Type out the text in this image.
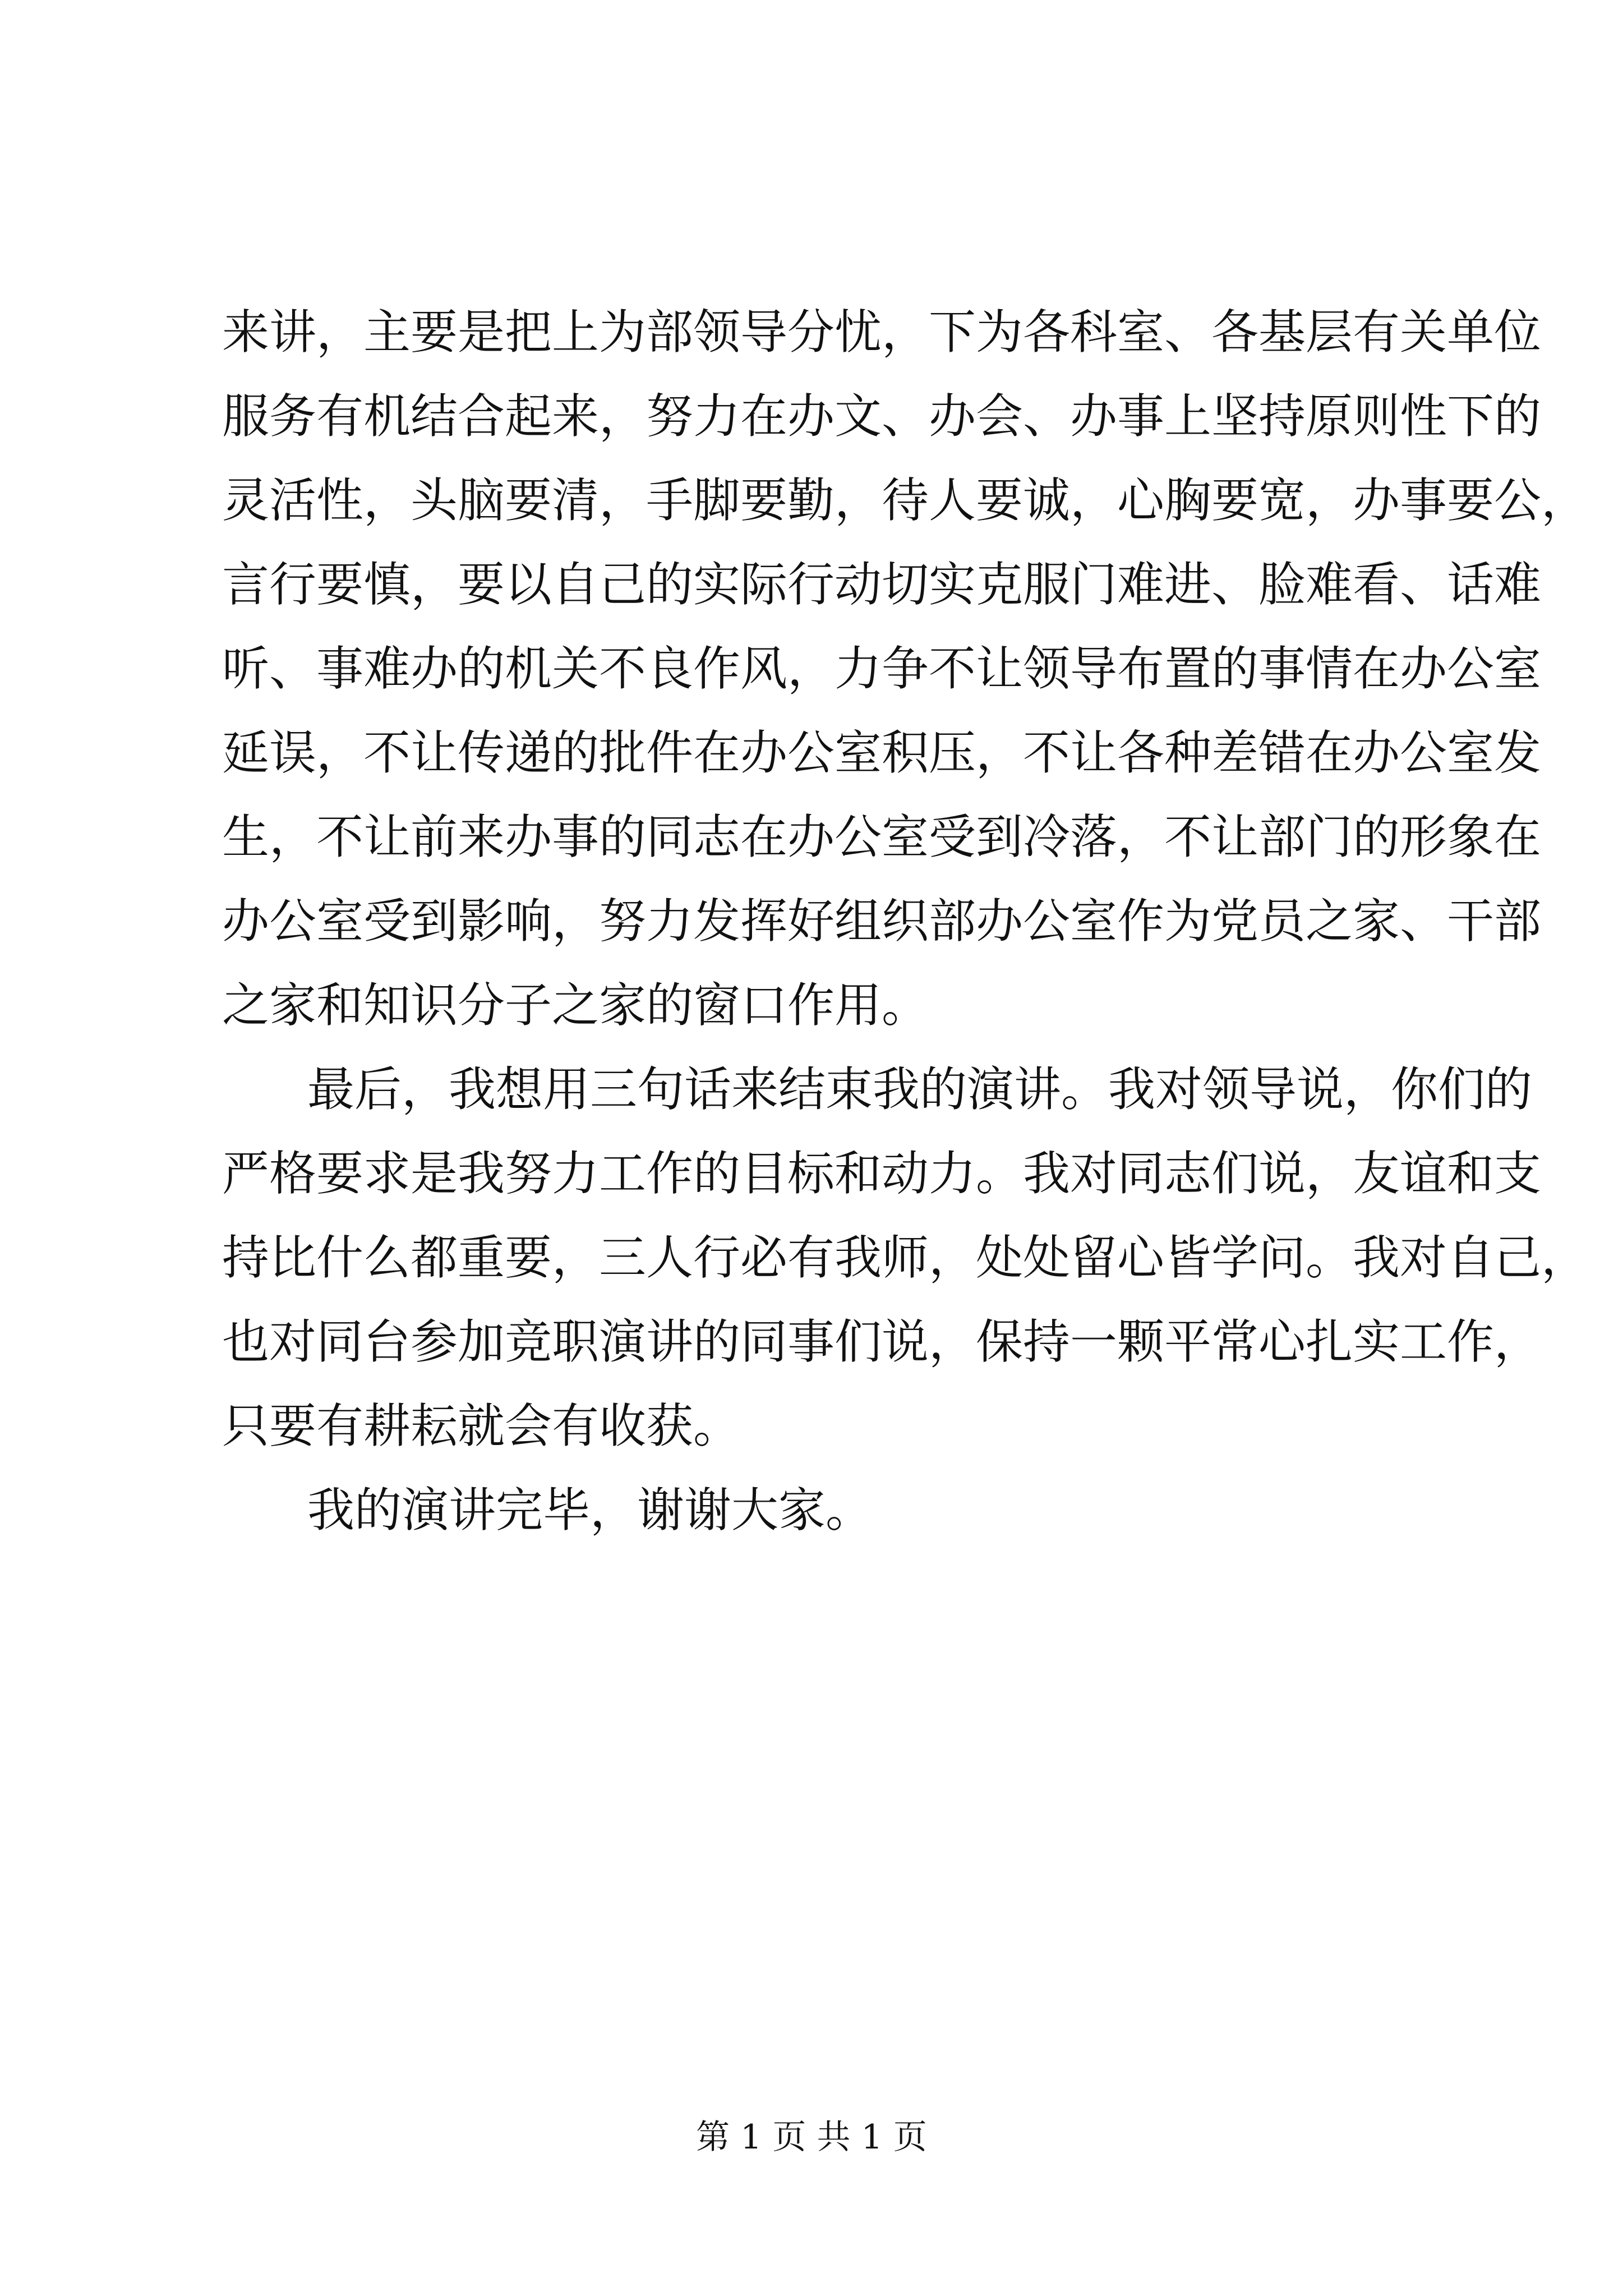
来讲，主要是把上为部领导分忧，下为各科室、各基层有关单位
服务有机结合起来，努力在办文、办会、办事上坚持原则性下的
灵活性，头脑要清，手脚要勤，待人要诚，心胸要宽，办事要公，
言行要慎，要以自己的实际行动切实克服门难进、脸难看、话难
听、事难办的机关不良作风，力争不让领导布置的事情在办公室
延误，不让传递的批件在办公室积压，不让各种差错在办公室发
生，不让前来办事的同志在办公室受到冷落，不让部门的形象在
办公室受到影响，努力发挥好组织部办公室作为党员之家、干部
之家和知识分子之家的窗口作用。
最后，我想用三句话来结束我的演讲。我对领导说，你们的
严格要求是我努力工作的目标和动力。我对同志们说，友谊和支
持比什么都重要，三人行必有我师，处处留心皆学问。我对自己，
也对同台参加竞职演讲的同事们说，保持一颗平常心扎实工作，
只要有耕耘就会有收获。
我的演讲完毕，谢谢大家。
第 1 页 共 1 页
